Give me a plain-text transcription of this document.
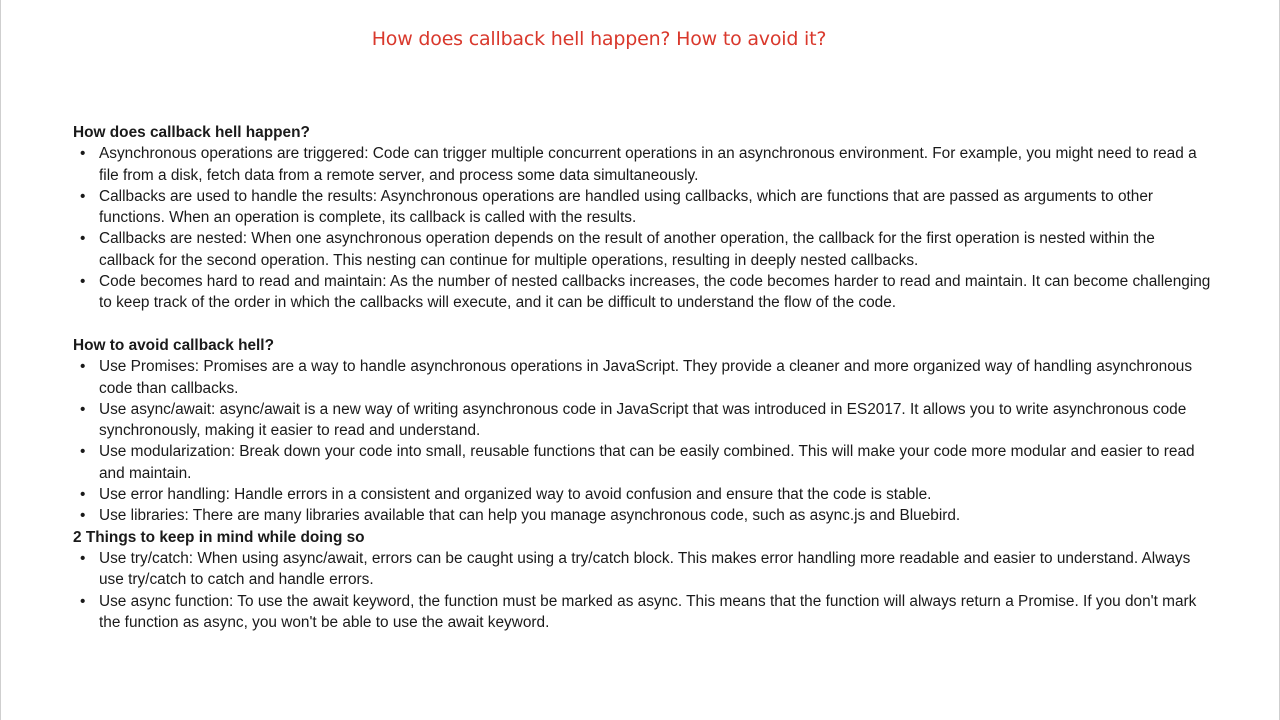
How does callback hell happen? How to avoid it?
How does callback hell happen?
• Asynchronous operations are triggered: Code can trigger multiple concurrent operations in an asynchronous environment. For example, you might need to read a file from a disk, fetch data from a remote server, and process some data simultaneously.
• Callbacks are used to handle the results: Asynchronous operations are handled using callbacks, which are functions that are passed as arguments to other functions. When an operation is complete, its callback is called with the results.
• Callbacks are nested: When one asynchronous operation depends on the result of another operation, the callback for the first operation is nested within the callback for the second operation. This nesting can continue for multiple operations, resulting in deeply nested callbacks.
• Code becomes hard to read and maintain: As the number of nested callbacks increases, the code becomes harder to read and maintain. It can become challenging to keep track of the order in which the callbacks will execute, and it can be difficult to understand the flow of the code.
How to avoid callback hell?
• Use Promises: Promises are a way to handle asynchronous operations in JavaScript. They provide a cleaner and more organized way of handling asynchronous code than callbacks.
• Use async/await: async/await is a new way of writing asynchronous code in JavaScript that was introduced in ES2017. It allows you to write asynchronous code synchronously, making it easier to read and understand.
• Use modularization: Break down your code into small, reusable functions that can be easily combined. This will make your code more modular and easier to read and maintain.
• Use error handling: Handle errors in a consistent and organized way to avoid confusion and ensure that the code is stable.
• Use libraries: There are many libraries available that can help you manage asynchronous code, such as async.js and Bluebird.
2 Things to keep in mind while doing so
• Use try/catch: When using async/await, errors can be caught using a try/catch block. This makes error handling more readable and easier to understand. Always use try/catch to catch and handle errors.
• Use async function: To use the await keyword, the function must be marked as async. This means that the function will always return a Promise. If you don't mark the function as async, you won't be able to use the await keyword.
